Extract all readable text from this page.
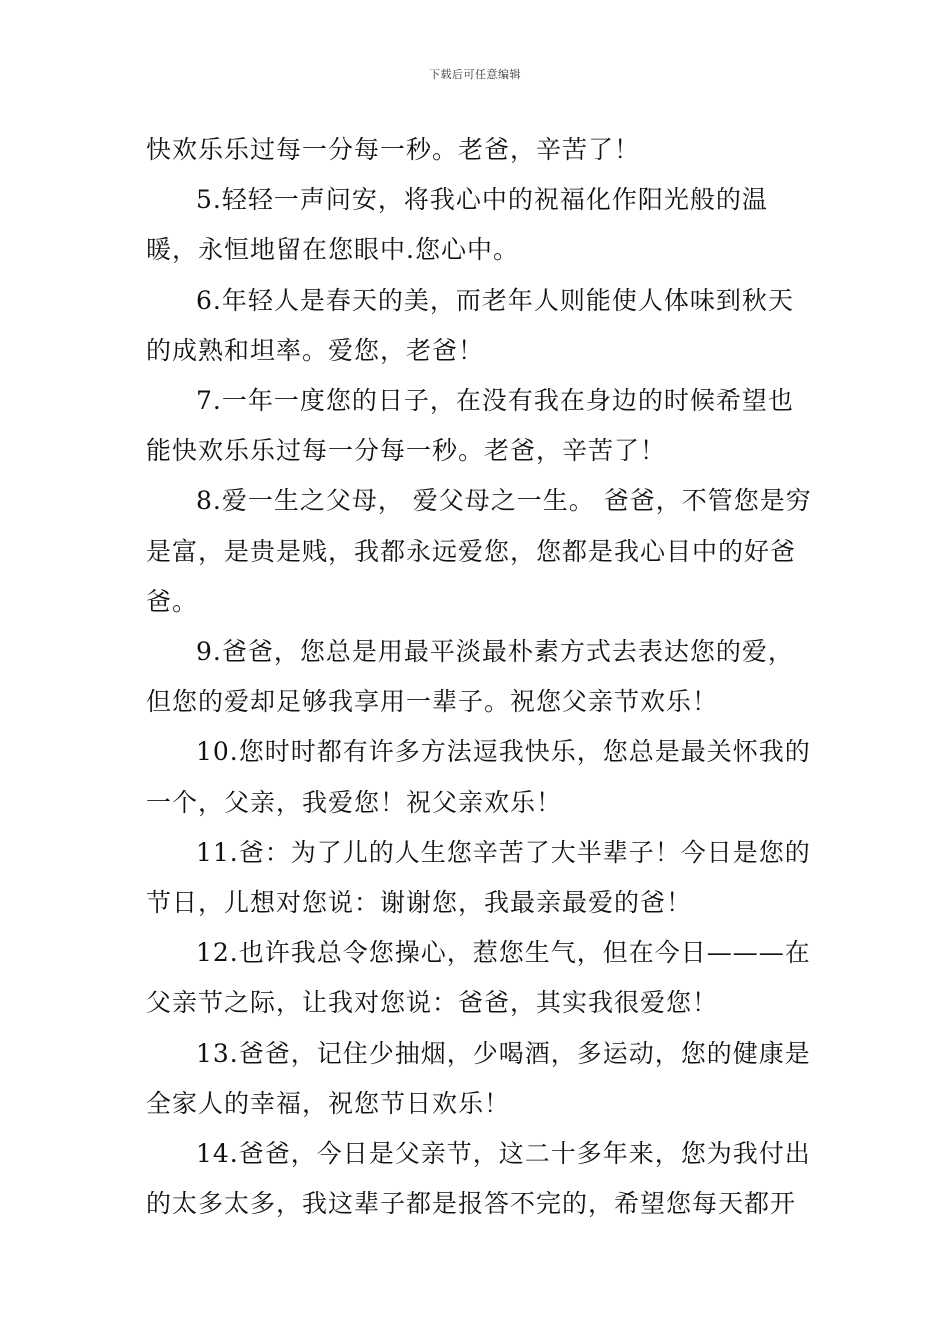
下载后可任意编辑

快欢乐乐过每一分每一秒。老爸，辛苦了！

5.轻轻一声问安，将我心中的祝福化作阳光般的温暖，永恒地留在您眼中.您心中。

6.年轻人是春天的美，而老年人则能使人体味到秋天的成熟和坦率。爱您，老爸！

7.一年一度您的日子，在没有我在身边的时候希望也能快欢乐乐过每一分每一秒。老爸，辛苦了！

8.爱一生之父母， 爱父母之一生。 爸爸，不管您是穷是富，是贵是贱，我都永远爱您，您都是我心目中的好爸爸。

9.爸爸，您总是用最平淡最朴素方式去表达您的爱，但您的爱却足够我享用一辈子。祝您父亲节欢乐！

10.您时时都有许多方法逗我快乐，您总是最关怀我的一个，父亲，我爱您！祝父亲欢乐！

11.爸：为了儿的人生您辛苦了大半辈子！今日是您的节日，儿想对您说：谢谢您，我最亲最爱的爸！

12.也许我总令您操心，惹您生气，但在今日———在父亲节之际，让我对您说：爸爸，其实我很爱您！

13.爸爸，记住少抽烟，少喝酒，多运动，您的健康是全家人的幸福，祝您节日欢乐！

14.爸爸，今日是父亲节，这二十多年来，您为我付出的太多太多，我这辈子都是报答不完的，希望您每天都开
